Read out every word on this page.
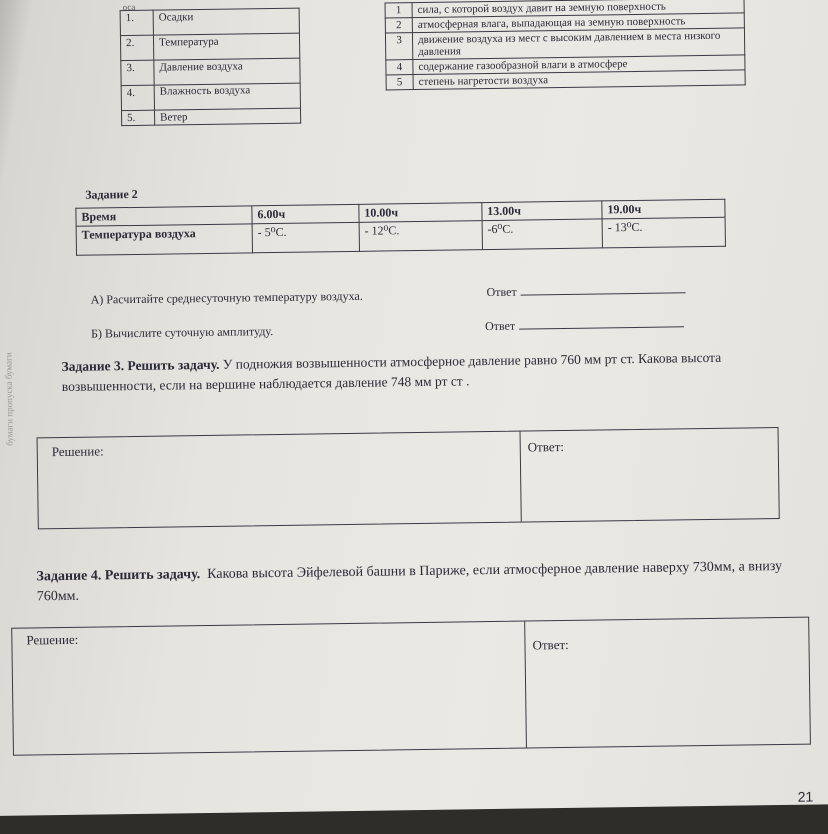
бумаги пропуска бумаги
оса
1.	Осадки
2.	Температура
3.	Давление воздуха
4.	Влажность воздуха
5.	Ветер
1	сила, с которой воздух давит на земную поверхность
2	атмосферная влага, выпадающая на земную поверхность
3	движение воздуха из мест с высоким давлением в места низкого давления
4	содержание газообразной влаги в атмосфере
5	степень нагретости воздуха
Задание 2
Время	6.00ч	10.00ч	13.00ч	19.00ч
Температура воздуха	- 5⁰С.	- 12⁰С.	-6⁰С.	- 13⁰С.
А) Расчитайте среднесуточную температуру воздуха.	Ответ
Б) Вычислите суточную амплитуду.	Ответ
Задание 3. Решить задачу. У подножия возвышенности атмосферное давление равно 760 мм рт ст. Какова высота возвышенности, если на вершине наблюдается давление 748 мм рт ст .
Решение:	Ответ:
Задание 4. Решить задачу. Какова высота Эйфелевой башни в Париже, если атмосферное давление наверху 730мм, а внизу 760мм.
Решение:	Ответ:
21
